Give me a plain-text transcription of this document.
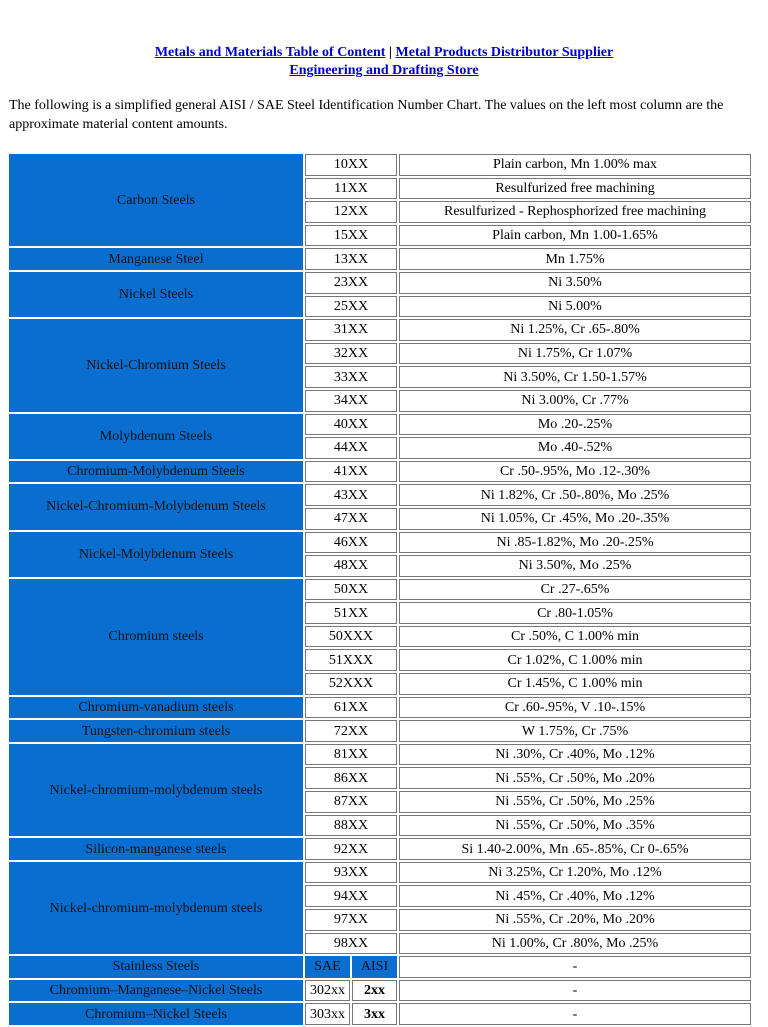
Metals and Materials Table of Content | Metal Products Distributor Supplier
Engineering and Drafting Store

The following is a simplified general AISI / SAE Steel Identification Number Chart. The values on the left most column are the approximate material content amounts.

Carbon Steels	10XX		Plain carbon, Mn 1.00% max
	11XX		Resulfurized free machining
	12XX		Resulfurized - Rephosphorized free machining
	15XX		Plain carbon, Mn 1.00-1.65%
Manganese Steel	13XX		Mn 1.75%
Nickel Steels	23XX		Ni 3.50%
	25XX		Ni 5.00%
Nickel-Chromium Steels	31XX		Ni 1.25%, Cr .65-.80%
	32XX		Ni 1.75%, Cr 1.07%
	33XX		Ni 3.50%, Cr 1.50-1.57%
	34XX		Ni 3.00%, Cr .77%
Molybdenum Steels	40XX		Mo .20-.25%
	44XX		Mo .40-.52%
Chromium-Molybdenum Steels	41XX		Cr .50-.95%, Mo .12-.30%
Nickel-Chromium-Molybdenum Steels	43XX		Ni 1.82%, Cr .50-.80%, Mo .25%
	47XX		Ni 1.05%, Cr .45%, Mo .20-.35%
Nickel-Molybdenum Steels	46XX		Ni .85-1.82%, Mo .20-.25%
	48XX		Ni 3.50%, Mo .25%
Chromium steels	50XX		Cr .27-.65%
	51XX		Cr .80-1.05%
	50XXX		Cr .50%, C 1.00% min
	51XXX		Cr 1.02%, C 1.00% min
	52XXX		Cr 1.45%, C 1.00% min
Chromium-vanadium steels	61XX		Cr .60-.95%, V .10-.15%
Tungsten-chromium steels	72XX		W 1.75%, Cr .75%
Nickel-chromium-molybdenum steels	81XX		Ni .30%, Cr .40%, Mo .12%
	86XX		Ni .55%, Cr .50%, Mo .20%
	87XX		Ni .55%, Cr .50%, Mo .25%
	88XX		Ni .55%, Cr .50%, Mo .35%
Silicon-manganese steels	92XX		Si 1.40-2.00%, Mn .65-.85%, Cr 0-.65%
Nickel-chromium-molybdenum steels	93XX		Ni 3.25%, Cr 1.20%, Mo .12%
	94XX		Ni .45%, Cr .40%, Mo .12%
	97XX		Ni .55%, Cr .20%, Mo .20%
	98XX		Ni 1.00%, Cr .80%, Mo .25%
Stainless Steels	SAE	AISI	-
Chromium–Manganese–Nickel Steels	302xx	2xx	-
Chromium–Nickel Steels	303xx	3xx	-
